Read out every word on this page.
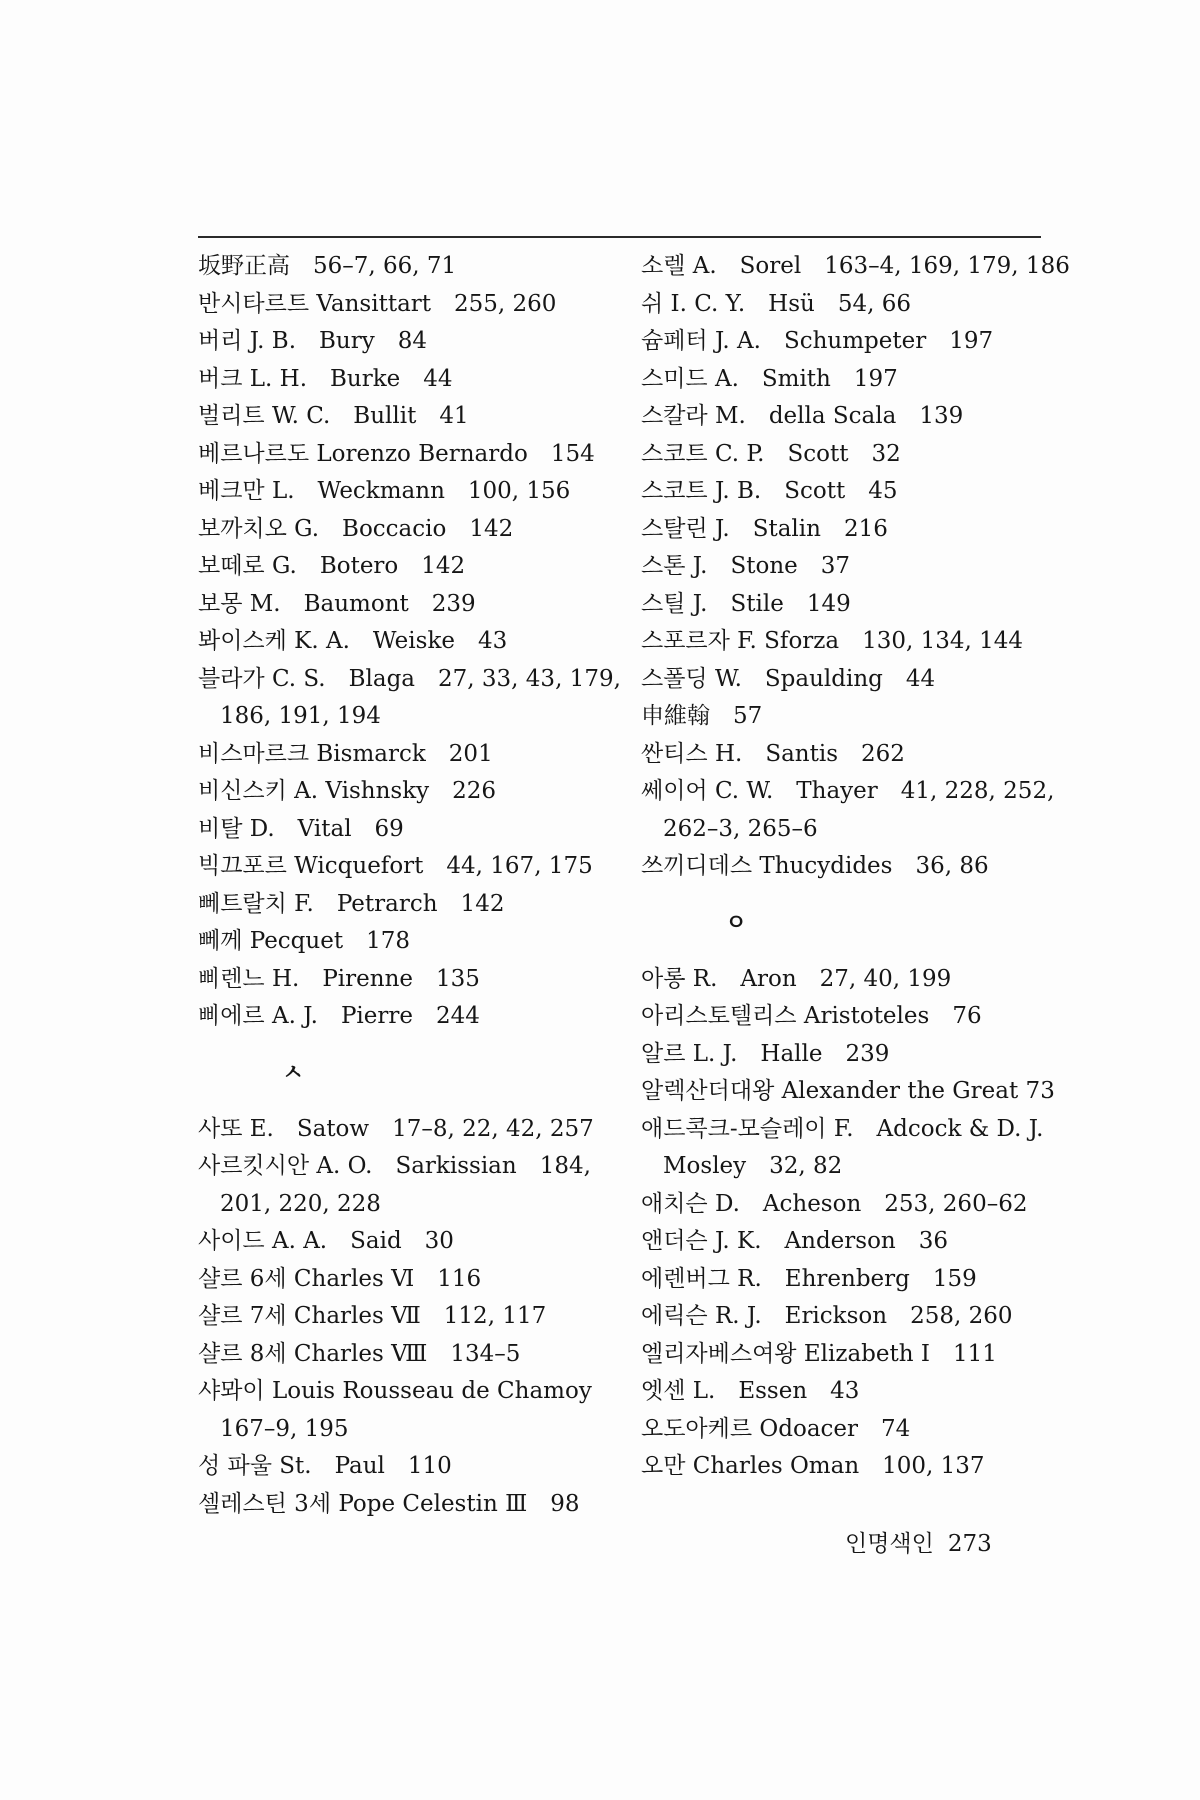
坂野正高　56–7, 66, 71
반시타르트 Vansittart　255, 260
버리 J. B.　Bury　84
버크 L. H.　Burke　44
벌리트 W. C.　Bullit　41
베르나르도 Lorenzo Bernardo　154
베크만 L.　Weckmann　100, 156
보까치오 G.　Boccacio　142
보떼로 G.　Botero　142
보몽 M.　Baumont　239
봐이스케 K. A.　Weiske　43
블라가 C. S.　Blaga　27, 33, 43, 179, 186, 191, 194
비스마르크 Bismarck　201
비신스키 A. Vishnsky　226
비탈 D.　Vital　69
빅끄포르 Wicquefort　44, 167, 175
뻬트랄치 F.　Petrarch　142
뻬께 Pecquet　178
삐렌느 H.　Pirenne　135
삐에르 A. J.　Pierre　244
ㅅ
사또 E.　Satow　17–8, 22, 42, 257
사르킷시안 A. O.　Sarkissian　184, 201, 220, 228
사이드 A. A.　Said　30
샬르 6세 Charles Ⅵ　116
샬르 7세 Charles Ⅶ　112, 117
샬르 8세 Charles Ⅷ　134–5
샤뫄이 Louis Rousseau de Chamoy 167–9, 195
성 파울 St.　Paul　110
셀레스틴 3세 Pope Celestin Ⅲ　98
소렐 A.　Sorel　163–4, 169, 179, 186
쉬 I. C. Y.　Hsü　54, 66
슘페터 J. A.　Schumpeter　197
스미드 A.　Smith　197
스칼라 M.　della Scala　139
스코트 C. P.　Scott　32
스코트 J. B.　Scott　45
스탈린 J.　Stalin　216
스톤 J.　Stone　37
스틸 J.　Stile　149
스포르자 F. Sforza　130, 134, 144
스폴딩 W.　Spaulding　44
申維翰　57
싼티스 H.　Santis　262
쎄이어 C. W.　Thayer　41, 228, 252, 262–3, 265–6
쓰끼디데스 Thucydides　36, 86
ㅇ
아롱 R.　Aron　27, 40, 199
아리스토텔리스 Aristoteles　76
알르 L. J.　Halle　239
알렉산더대왕 Alexander the Great 73
애드콕크-모슬레이 F.　Adcock & D. J.　Mosley　32, 82
애치슨 D.　Acheson　253, 260–62
앤더슨 J. K.　Anderson　36
에렌버그 R.　Ehrenberg　159
에릭슨 R. J.　Erickson　258, 260
엘리자베스여왕 Elizabeth Ⅰ　111
엣센 L.　Essen　43
오도아케르 Odoacer　74
오만 Charles Oman　100, 137
인명색인 273
